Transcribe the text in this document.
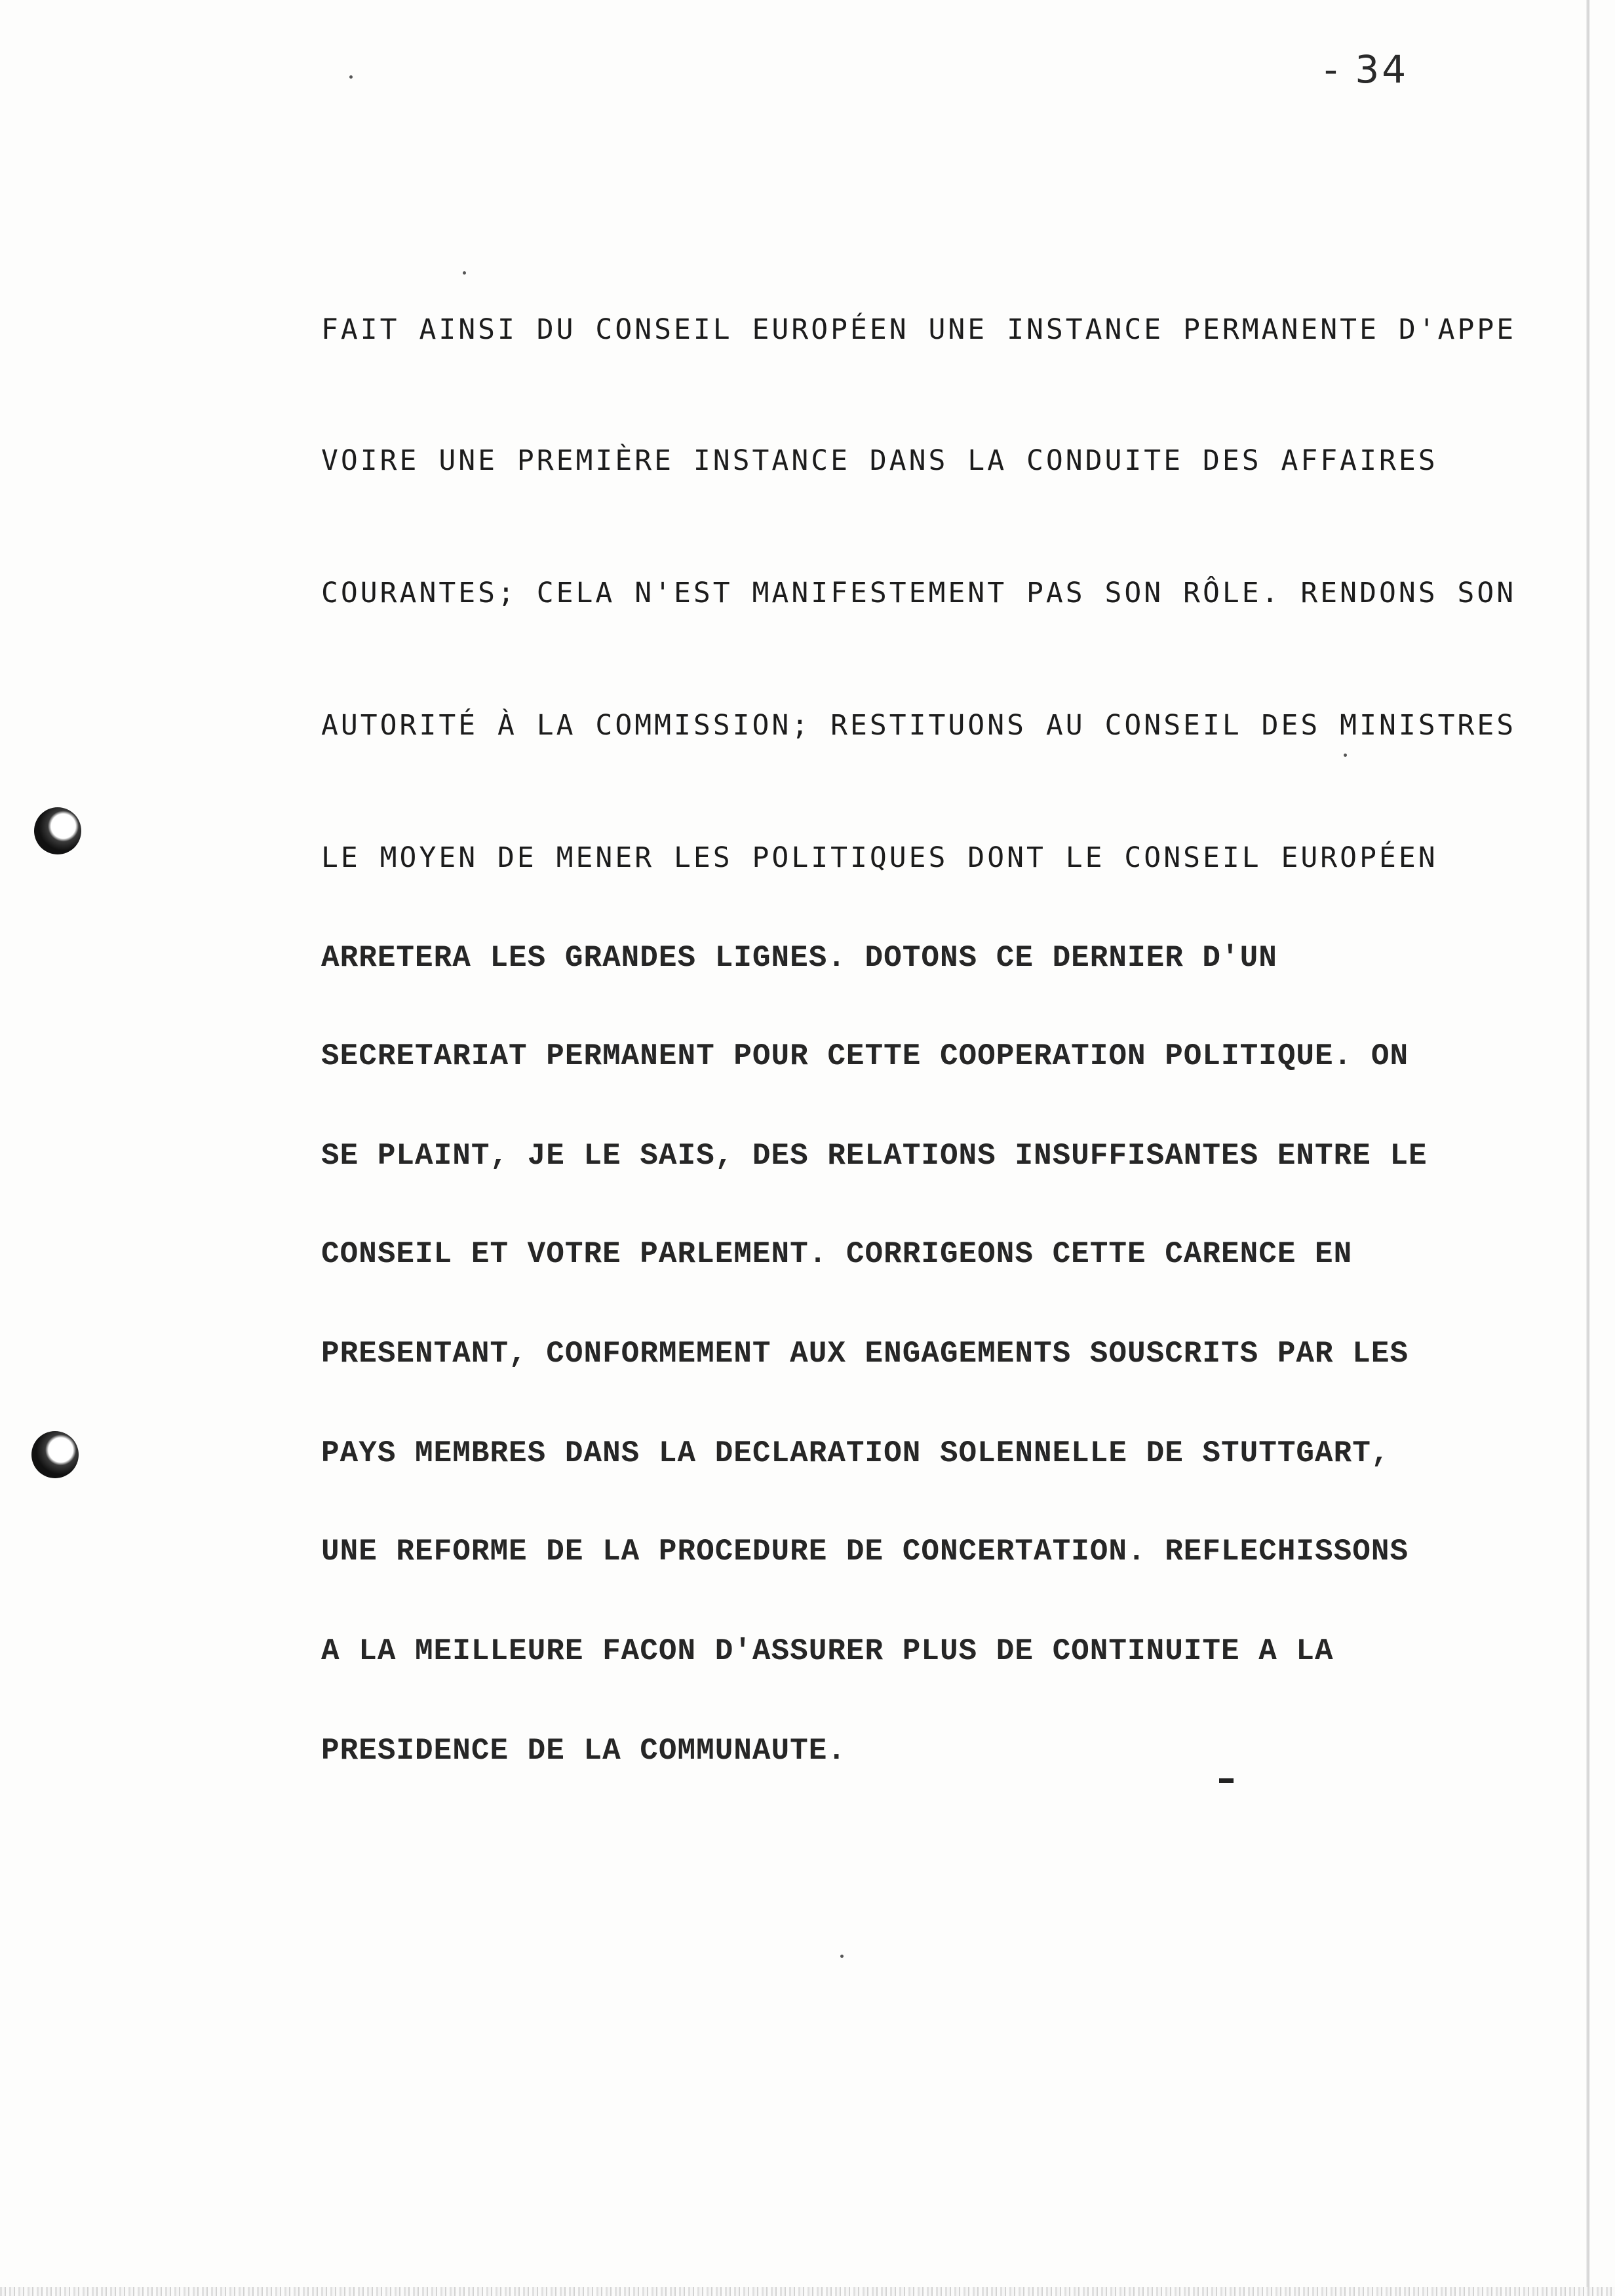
- 34
FAIT AINSI DU CONSEIL EUROPÉEN UNE INSTANCE PERMANENTE D'APPE
VOIRE UNE PREMIÈRE INSTANCE DANS LA CONDUITE DES AFFAIRES
COURANTES; CELA N'EST MANIFESTEMENT PAS SON RÔLE. RENDONS SON
AUTORITÉ À LA COMMISSION; RESTITUONS AU CONSEIL DES MINISTRES
LE MOYEN DE MENER LES POLITIQUES DONT LE CONSEIL EUROPÉEN
ARRETERA LES GRANDES LIGNES. DOTONS CE DERNIER D'UN
SECRETARIAT PERMANENT POUR CETTE COOPERATION POLITIQUE. ON
SE PLAINT, JE LE SAIS, DES RELATIONS INSUFFISANTES ENTRE LE
CONSEIL ET VOTRE PARLEMENT. CORRIGEONS CETTE CARENCE EN
PRESENTANT, CONFORMEMENT AUX ENGAGEMENTS SOUSCRITS PAR LES
PAYS MEMBRES DANS LA DECLARATION SOLENNELLE DE STUTTGART,
UNE REFORME DE LA PROCEDURE DE CONCERTATION. REFLECHISSONS
A LA MEILLEURE FACON D'ASSURER PLUS DE CONTINUITE A LA
PRESIDENCE DE LA COMMUNAUTE.
